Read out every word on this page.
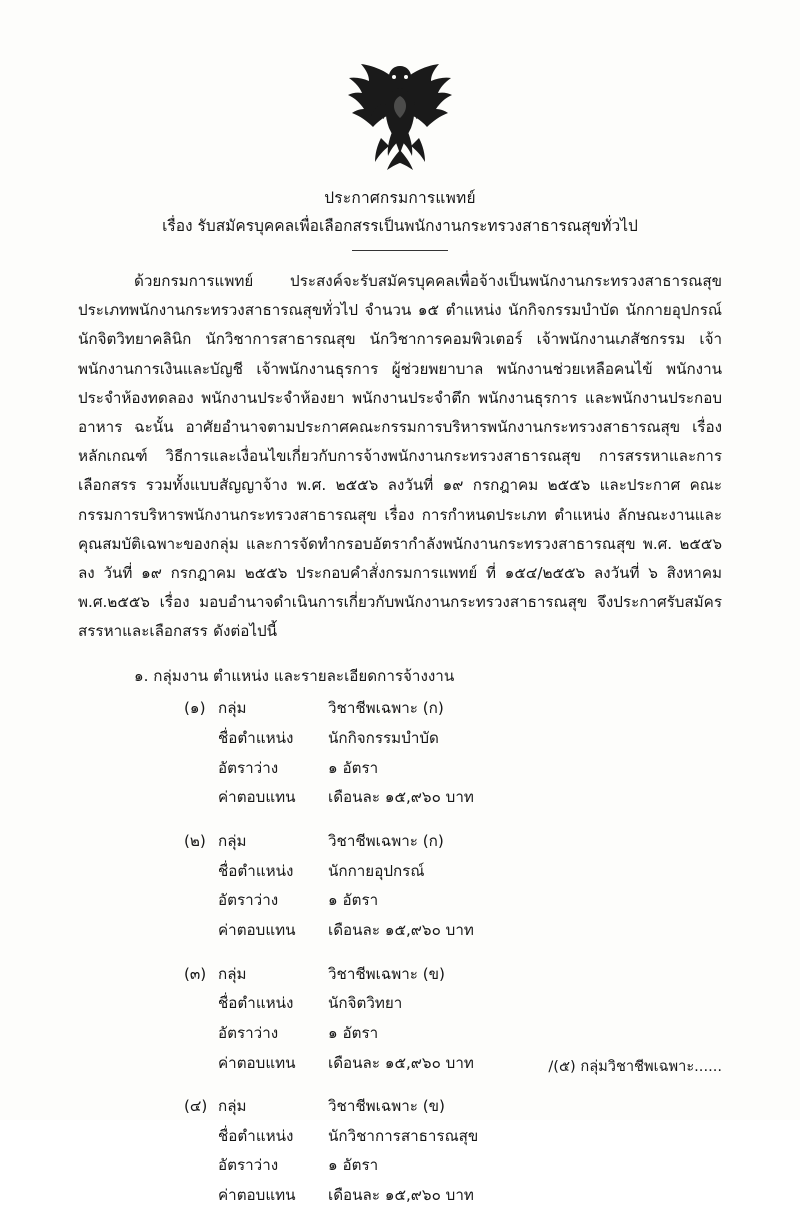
ประกาศกรมการแพทย์
เรื่อง รับสมัครบุคคลเพื่อเลือกสรรเป็นพนักงานกระทรวงสาธารณสุขทั่วไป

ด้วยกรมการแพทย์ ประสงค์จะรับสมัครบุคคลเพื่อจ้างเป็นพนักงานกระทรวงสาธารณสุข ประเภทพนักงานกระทรวงสาธารณสุขทั่วไป จำนวน ๑๕ ตำแหน่ง นักกิจกรรมบำบัด นักกายอุปกรณ์ นักจิตวิทยาคลินิก นักวิชาการสาธารณสุข นักวิชาการคอมพิวเตอร์ เจ้าพนักงานเภสัชกรรม เจ้าพนักงานการเงินและบัญชี เจ้าพนักงานธุรการ ผู้ช่วยพยาบาล พนักงานช่วยเหลือคนไข้ พนักงานประจำห้องทดลอง พนักงานประจำห้องยา พนักงานประจำตึก พนักงานธุรการ และพนักงานประกอบอาหาร ฉะนั้น อาศัยอำนาจตามประกาศคณะกรรมการบริหารพนักงานกระทรวงสาธารณสุข เรื่อง หลักเกณฑ์ วิธีการและเงื่อนไขเกี่ยวกับการจ้างพนักงานกระทรวงสาธารณสุข การสรรหาและการเลือกสรร รวมทั้งแบบสัญญาจ้าง พ.ศ. ๒๕๕๖ ลงวันที่ ๑๙ กรกฎาคม ๒๕๕๖ และประกาศ คณะกรรมการบริหารพนักงานกระทรวงสาธารณสุข เรื่อง การกำหนดประเภท ตำแหน่ง ลักษณะงานและคุณสมบัติเฉพาะของกลุ่ม และการจัดทำกรอบอัตรากำลังพนักงานกระทรวงสาธารณสุข พ.ศ. ๒๕๕๖ ลง วันที่ ๑๙ กรกฎาคม ๒๕๕๖ ประกอบคำสั่งกรมการแพทย์ ที่ ๑๕๔/๒๕๕๖ ลงวันที่ ๖ สิงหาคม พ.ศ.๒๕๕๖ เรื่อง มอบอำนาจดำเนินการเกี่ยวกับพนักงานกระทรวงสาธารณสุข จึงประกาศรับสมัครสรรหาและเลือกสรร ดังต่อไปนี้

๑. กลุ่มงาน ตำแหน่ง และรายละเอียดการจ้างงาน
(๑) กลุ่ม	วิชาชีพเฉพาะ (ก)
ชื่อตำแหน่ง	นักกิจกรรมบำบัด
อัตราว่าง	๑ อัตรา
ค่าตอบแทน	เดือนละ ๑๕,๙๖๐ บาท
(๒) กลุ่ม	วิชาชีพเฉพาะ (ก)
ชื่อตำแหน่ง	นักกายอุปกรณ์
อัตราว่าง	๑ อัตรา
ค่าตอบแทน	เดือนละ ๑๕,๙๖๐ บาท
(๓) กลุ่ม	วิชาชีพเฉพาะ (ข)
ชื่อตำแหน่ง	นักจิตวิทยา
อัตราว่าง	๑ อัตรา
ค่าตอบแทน	เดือนละ ๑๕,๙๖๐ บาท
(๔) กลุ่ม	วิชาชีพเฉพาะ (ข)
ชื่อตำแหน่ง	นักวิชาการสาธารณสุข
อัตราว่าง	๑ อัตรา
ค่าตอบแทน	เดือนละ ๑๕,๙๖๐ บาท
/(๕) กลุ่มวิชาชีพเฉพาะ......
